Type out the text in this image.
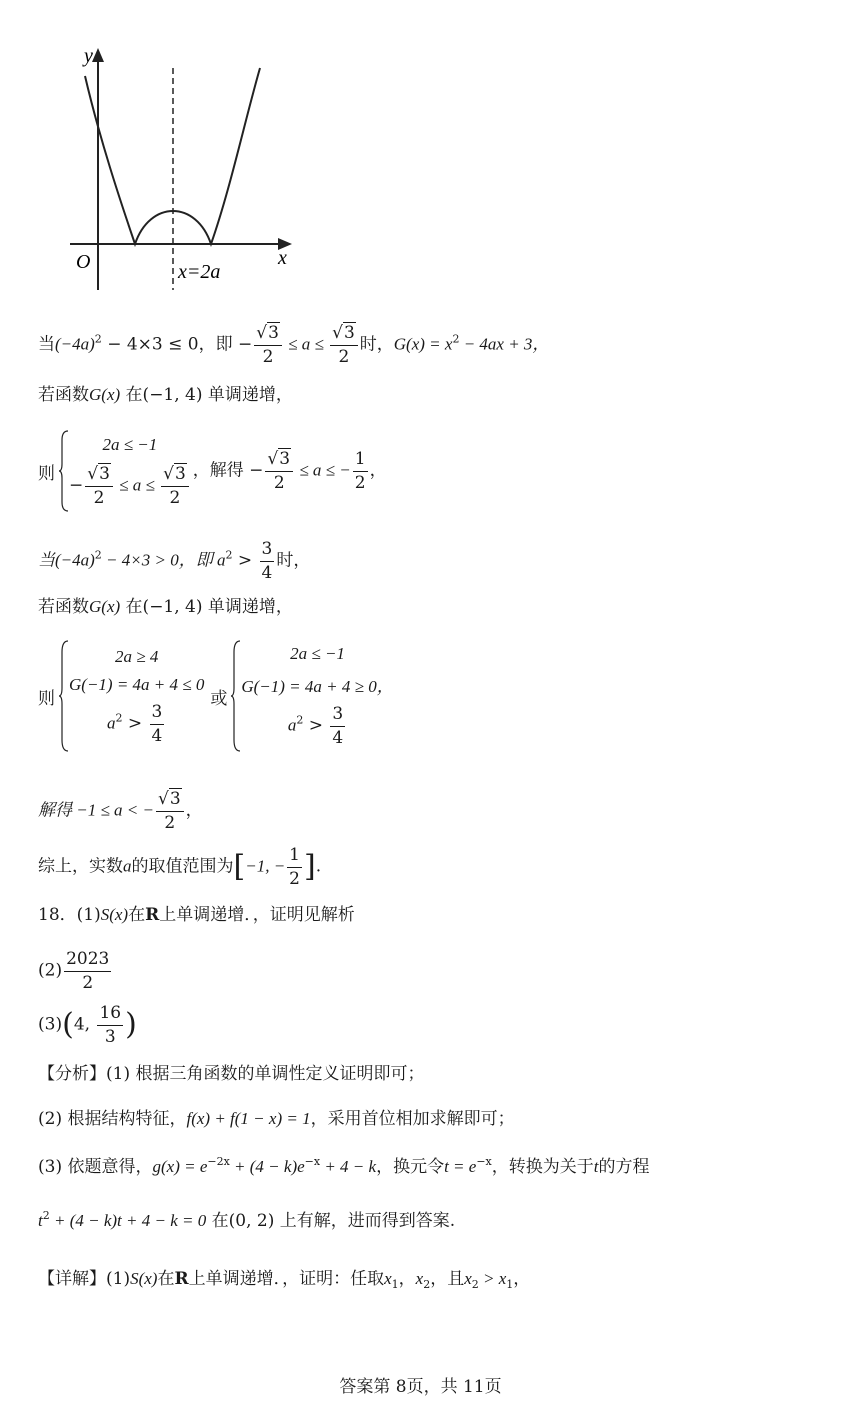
y
x
O	x=2a
当$(-4a)^2 - 4\times 3 \le 0$，即 − $\frac{√3}{2} \le a \le \frac{√3}{2}$ 时，$G(x) = x^2 - 4ax + 3$，
若函数G(x) 在(−1, 4) 单调递增，
则
2a ≤ −1
− $\frac{√3}{2} \le a \le \frac{√3}{2}$ ，解得 − $\frac{√3}{2} \le a$ ≤ − $\frac{1}{2}$ ，
当$(-4a)^2 - 4\times 3 > 0$，即 $a^2 > \frac{3}{4}$ 时，
若函数G(x) 在(−1, 4) 单调递增，
则
2a ≥ 4
G(−1) = 4a + 4 ≤ 0
$a^2 > \frac{3}{4}$
或
2a ≤ −1
G(−1) = 4a + 4 ≥ 0，
$a^2 > \frac{3}{4}$
解得 −1 ≤ a < − $\frac{√3}{2}$ ，
综上，实数a的取值范围为[−1, − $\frac{1}{2}$ ].
18．(1)S(x)在R上单调递增．，证明见解析
$(2) \frac{2023}{2}$
(3)(4, $\frac{16}{3}$ )
【分析】(1) 根据三角函数的单调性定义证明即可；
(2) 根据结构特征，f(x) + f(1 − x) = 1，采用首位相加求解即可；
(3) 依题意得，$g(x) = e^{-2x} + (4 - k)e^{-x} + 4 - k$，换元令$t = e^{-x}$，转换为关于t的方程
$t^2 + (4 - k)t + 4 - k = 0$ 在(0, 2) 上有解，进而得到答案.
【详解】(1)S(x)在R上单调递增．，证明：任取$x_1$，$x_2$，且$x_2 > x_1$，
答案第 8页，共 11页
